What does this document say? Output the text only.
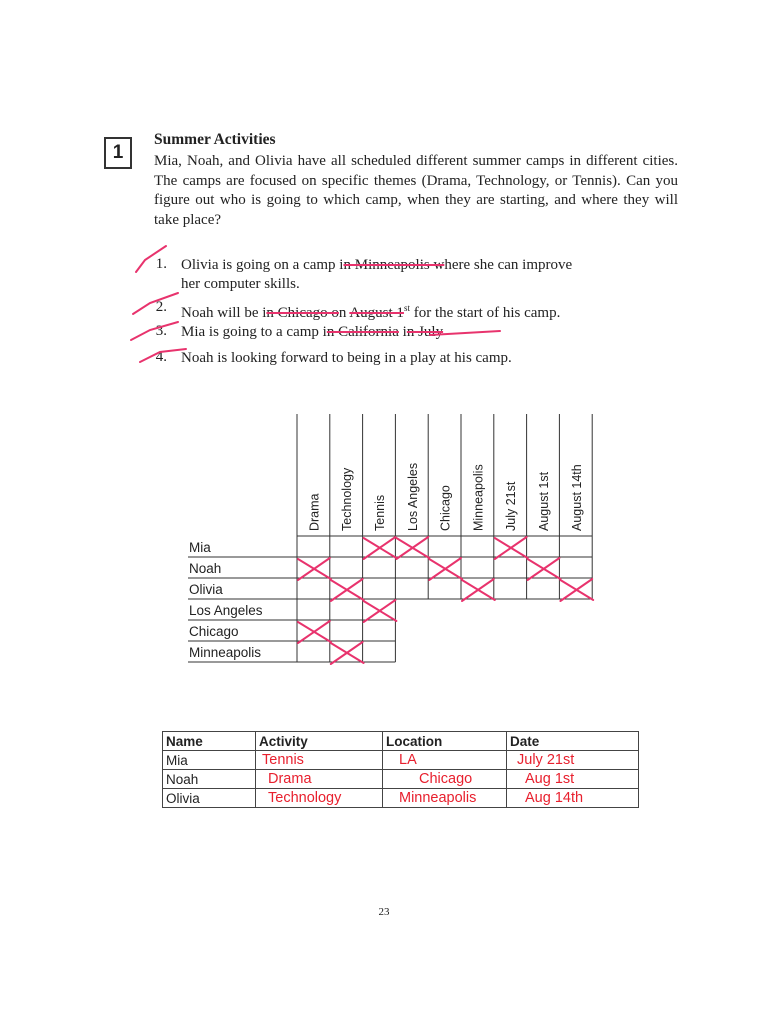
1
Summer Activities
Mia, Noah, and Olivia have all scheduled different summer camps in different cities. The camps are focused on specific themes (Drama, Technology, or Tennis). Can you figure out who is going to which camp, when they are starting, and where they will take place?
1. Olivia is going on a camp in Minneapolis where she can improve
her computer skills.
2. Noah will be in Chicago on August 1st for the start of his camp.
3. Mia is going to a camp in California in July
4. Noah is looking forward to being in a play at his camp.
Drama Technology Tennis Los Angeles Chicago Minneapolis July 21st August 1st August 14th
Mia
Noah
Olivia
Los Angeles
Chicago
Minneapolis
Name	Activity	Location	Date
Mia	Tennis	LA	July 21st
Noah	Drama	Chicago	Aug 1st
Olivia	Technology	Minneapolis	Aug 14th
23
